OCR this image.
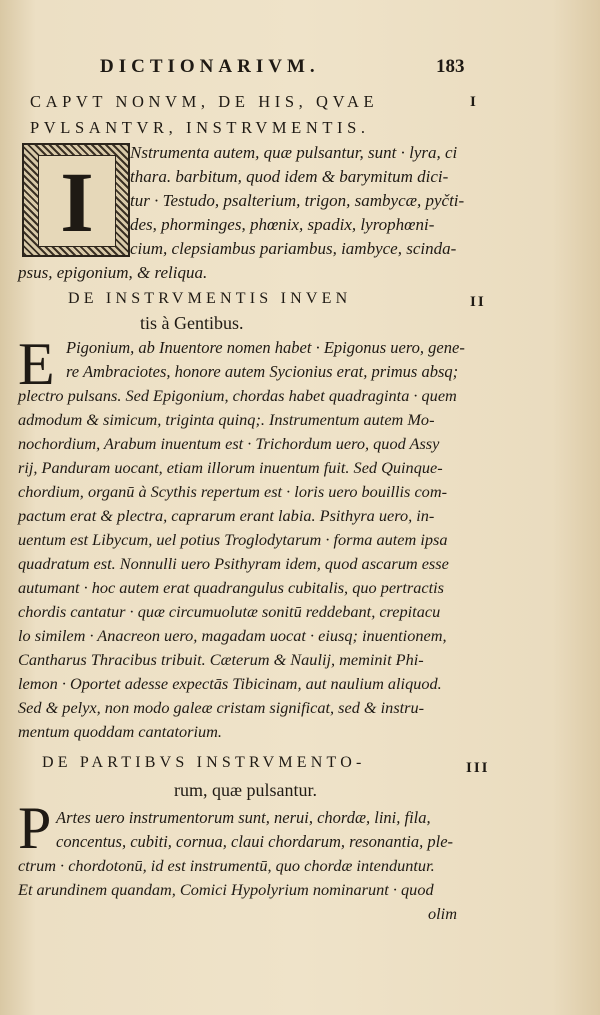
DICTIONARIVM.	183
CAPVT NONVM, DE HIS, QVAE	I
PVLSANTVR, INSTRVMENTIS.
I
Nstrumenta autem, quæ pulsantur, sunt · lyra, ci
thara. barbitum, quod idem & barymitum dici-
tur · Testudo, psalterium, trigon, sambycæ, pyčti-
des, phorminges, phœnix, spadix, lyrophœni-
cium, clepsiambus pariambus, iambyce, scinda-
psus, epigonium, & reliqua.
DE INSTRVMENTIS INVEN	II
tis à Gentibus.
E Pigonium, ab Inuentore nomen habet · Epigonus uero, gene-
re Ambraciotes, honore autem Sycionius erat, primus absq;
plectro pulsans. Sed Epigonium, chordas habet quadraginta · quem
admodum & simicum, triginta quinq;. Instrumentum autem Mo-
nochordium, Arabum inuentum est · Trichordum uero, quod Assy
rij, Panduram uocant, etiam illorum inuentum fuit. Sed Quinque-
chordium, organū à Scythis repertum est · loris uero bouillis com-
pactum erat & plectra, caprarum erant labia. Psithyra uero, in-
uentum est Libycum, uel potius Troglodytarum · forma autem ipsa
quadratum est. Nonnulli uero Psithyram idem, quod ascarum esse
autumant · hoc autem erat quadrangulus cubitalis, quo pertractis
chordis cantatur · quæ circumuolutæ sonitū reddebant, crepitacu
lo similem · Anacreon uero, magadam uocat · eiusq; inuentionem,
Cantharus Thracibus tribuit. Cæterum & Naulij, meminit Phi-
lemon · Oportet adesse expectās Tibicinam, aut naulium aliquod.
Sed & pelyx, non modo galeæ cristam significat, sed & instru-
mentum quoddam cantatorium.
DE PARTIBVS INSTRVMENTO-	III
rum, quæ pulsantur.
P Artes uero instrumentorum sunt, nerui, chordæ, lini, fila,
concentus, cubiti, cornua, claui chordarum, resonantia, ple-
ctrum · chordotonū, id est instrumentū, quo chordæ intenduntur.
Et arundinem quandam, Comici Hypolyrium nominarunt · quod
olim
